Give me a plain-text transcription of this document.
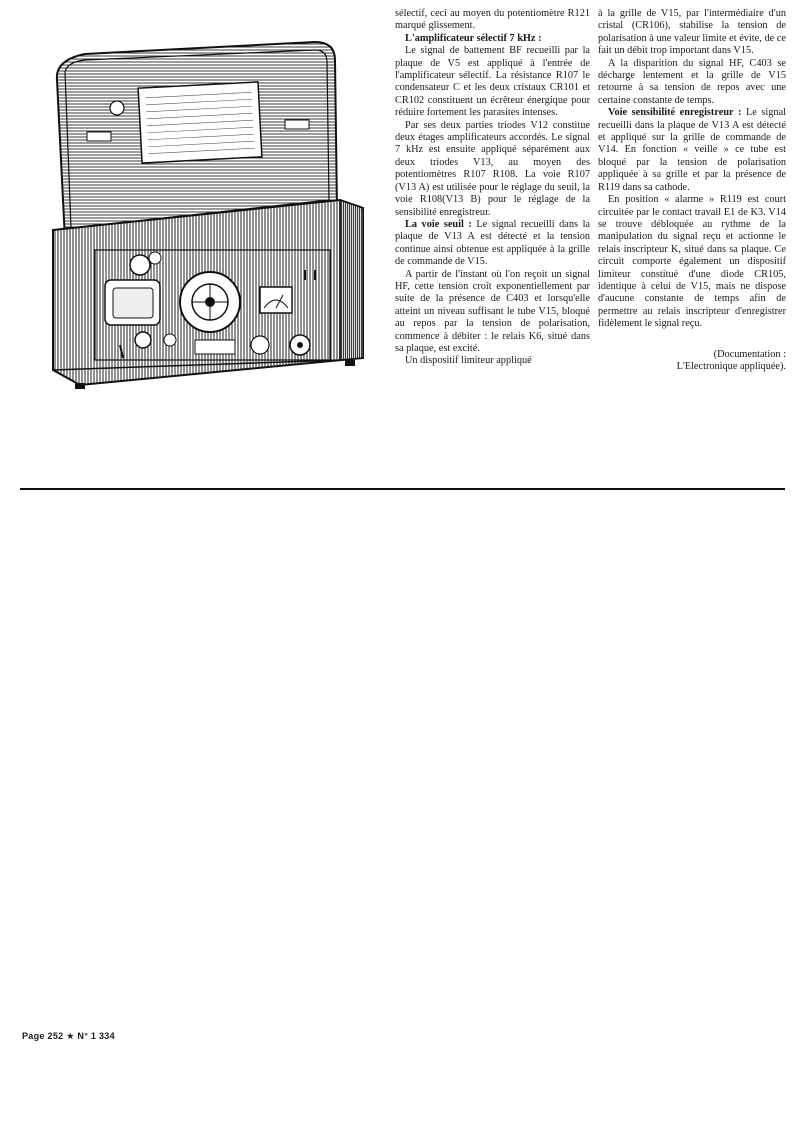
sélectif, ceci au moyen du potentiomètre R121 marqué glissement.

L'amplificateur sélectif 7 kHz :

Le signal de battement BF recueilli par la plaque de V5 est appliqué à l'entrée de l'amplificateur sélectif. La résistance R107 le condensateur C et les deux cristaux CR101 et CR102 constituent un écrêteur énergique pour réduire fortement les parasites intenses.

Par ses deux parties triodes V12 constitue deux étages amplificateurs accordés. Le signal 7 kHz est ensuite appliqué séparément aux deux triodes V13, au moyen des potentiomètres R107 R108. La voie R107 (V13 A) est utilisée pour le réglage du seuil, la voie R108(V13 B) pour le réglage de la sensibilité enregistreur.

La voie seuil : Le signal recueilli dans la plaque de V13 A est détecté et la tension continue ainsi obtenue est appliquée à la grille de commande de V15.

A partir de l'instant où l'on reçoit un signal HF, cette tension croît exponentiellement par suite de la présence de C403 et lorsqu'elle atteint un niveau suffisant le tube V15, bloqué au repos par la tension de polarisation, commence à débiter : le relais K6, situé dans sa plaque, est excité.

Un dispositif limiteur appliqué

à la grille de V15, par l'intermédiaire d'un cristal (CR106), stabilise la tension de polarisation à une valeur limite et évite, de ce fait un débit trop important dans V15.

A la disparition du signal HF, C403 se décharge lentement et la grille de V15 retourne à sa tension de repos avec une certaine constante de temps.

Voie sensibilité enregistreur : Le signal recueilli dans la plaque de V13 A est détecté et appliqué sur la grille de commande de V14. En fonction « veille » ce tube est bloqué par la tension de polarisation appliquée à sa grille et par la présence de R119 dans sa cathode.

En position « alarme » R119 est court circuitée par le contact travail E1 de K3. V14 se trouve débloquée au rythme de la manipulation du signal reçu et actionne le relais inscripteur K, situé dans sa plaque. Ce circuit comporte également un dispositif limiteur constitué d'une diode CR105, identique à celui de V15, mais ne dispose d'aucune constante de temps afin de permettre au relais inscripteur d'enregistrer fidèlement le signal reçu.

(Documentation :
L'Electronique appliquée).

Page 252 ★ N° 1 334
